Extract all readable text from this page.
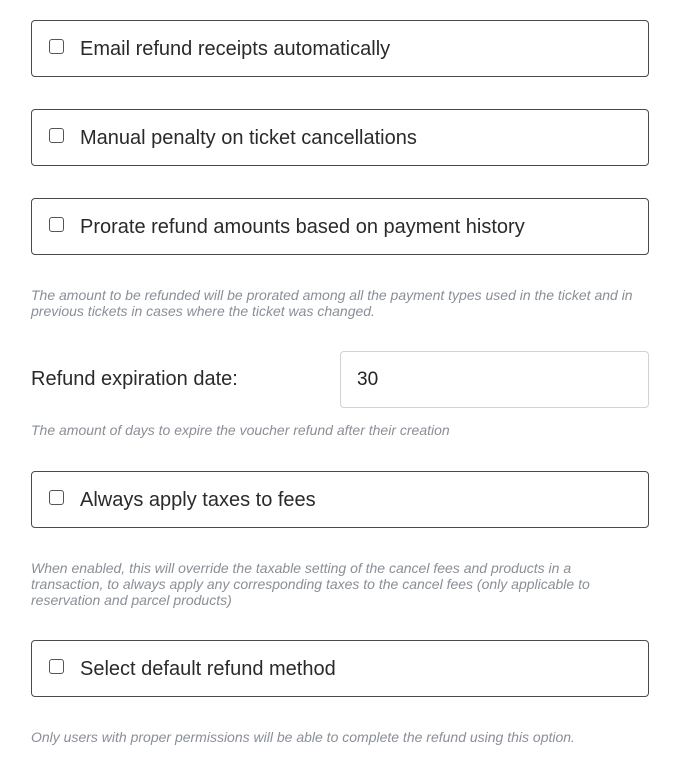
Email refund receipts automatically
Manual penalty on ticket cancellations
Prorate refund amounts based on payment history
The amount to be refunded will be prorated among all the payment types used in the ticket and in previous tickets in cases where the ticket was changed.
Refund expiration date:
30
The amount of days to expire the voucher refund after their creation
Always apply taxes to fees
When enabled, this will override the taxable setting of the cancel fees and products in a transaction, to always apply any corresponding taxes to the cancel fees (only applicable to reservation and parcel products)
Select default refund method
Only users with proper permissions will be able to complete the refund using this option.
